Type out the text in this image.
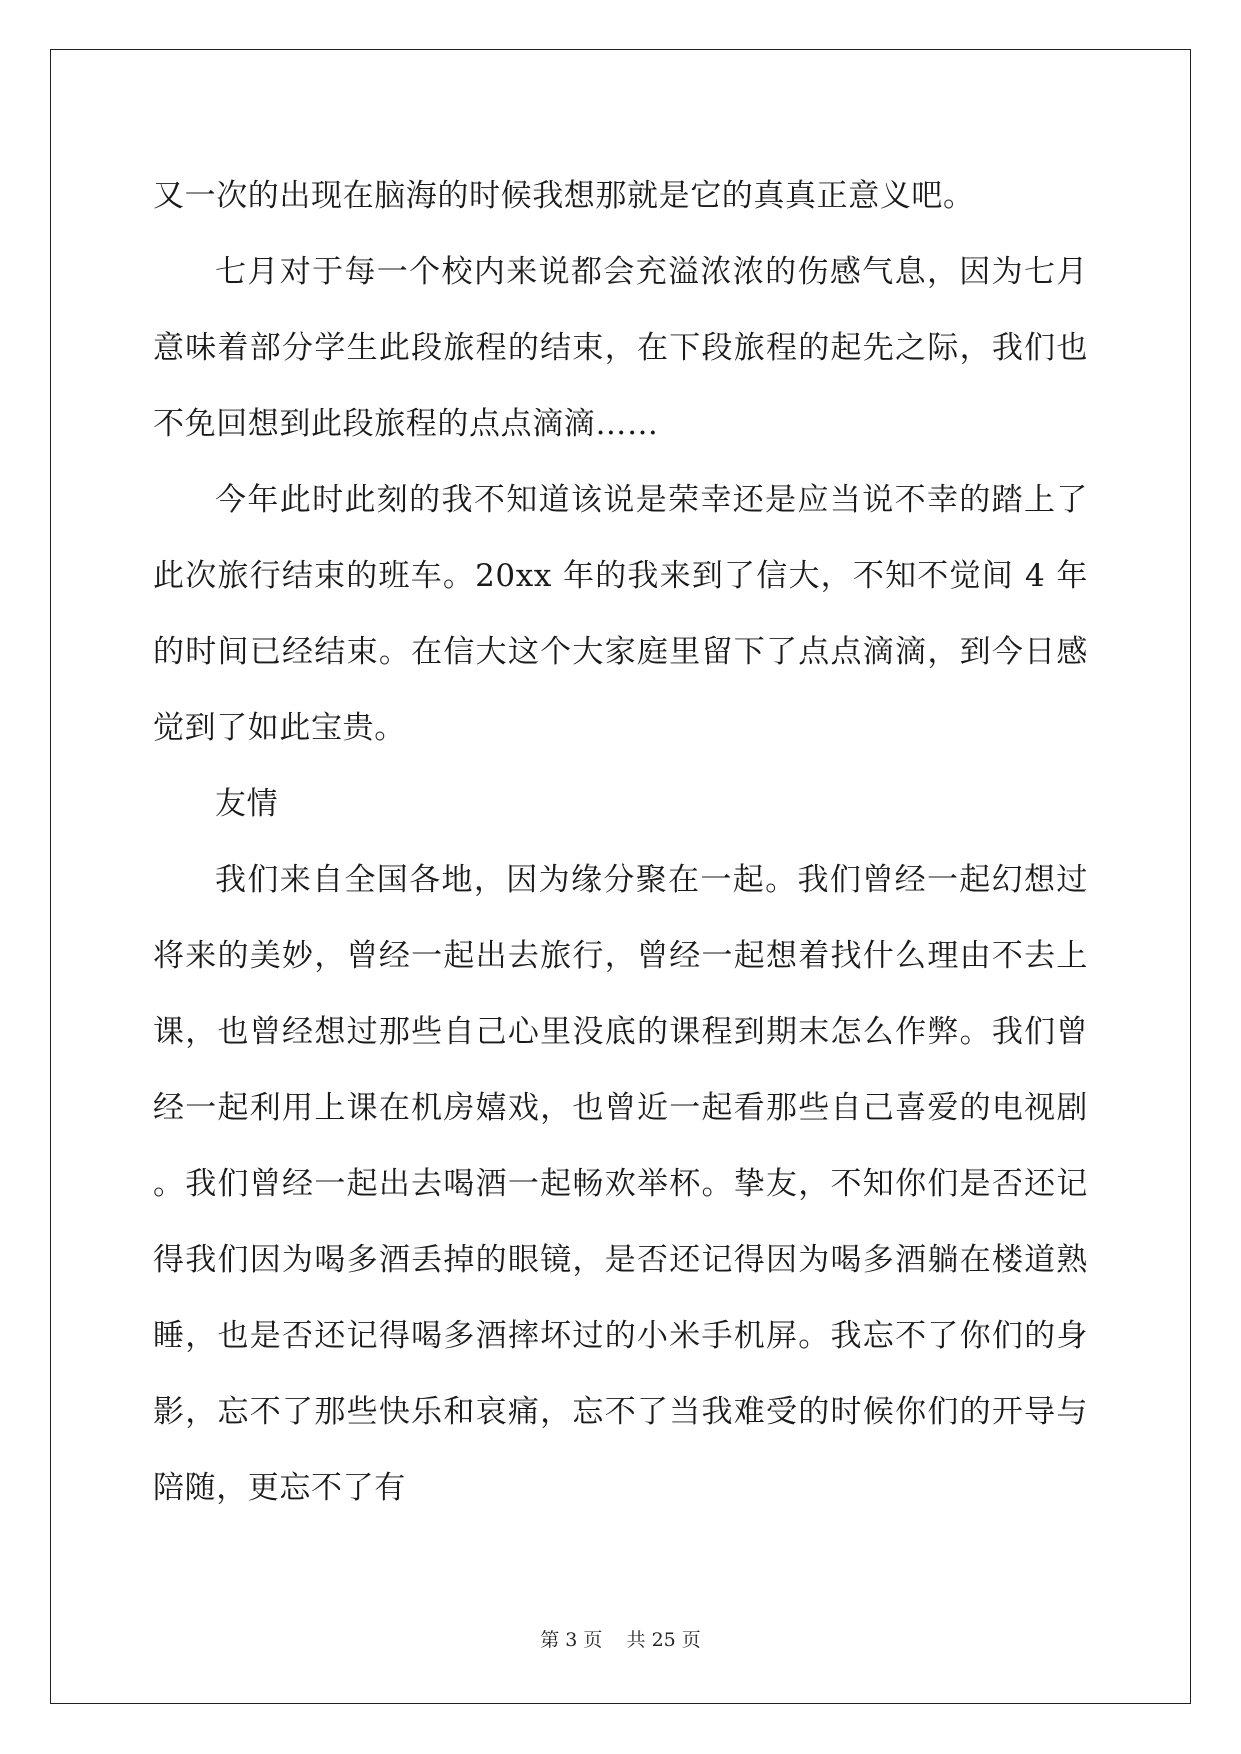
又一次的出现在脑海的时候我想那就是它的真真正意义吧。

七月对于每一个校内来说都会充溢浓浓的伤感气息，因为七月意味着部分学生此段旅程的结束，在下段旅程的起先之际，我们也不免回想到此段旅程的点点滴滴……

今年此时此刻的我不知道该说是荣幸还是应当说不幸的踏上了此次旅行结束的班车。20xx 年的我来到了信大，不知不觉间 4 年的时间已经结束。在信大这个大家庭里留下了点点滴滴，到今日感觉到了如此宝贵。

友情

我们来自全国各地，因为缘分聚在一起。我们曾经一起幻想过将来的美妙，曾经一起出去旅行，曾经一起想着找什么理由不去上课，也曾经想过那些自己心里没底的课程到期末怎么作弊。我们曾经一起利用上课在机房嬉戏，也曾近一起看那些自己喜爱的电视剧。我们曾经一起出去喝酒一起畅欢举杯。挚友，不知你们是否还记得我们因为喝多酒丢掉的眼镜，是否还记得因为喝多酒躺在楼道熟睡，也是否还记得喝多酒摔坏过的小米手机屏。我忘不了你们的身影，忘不了那些快乐和哀痛，忘不了当我难受的时候你们的开导与陪随，更忘不了有

第 3 页    共 25 页
